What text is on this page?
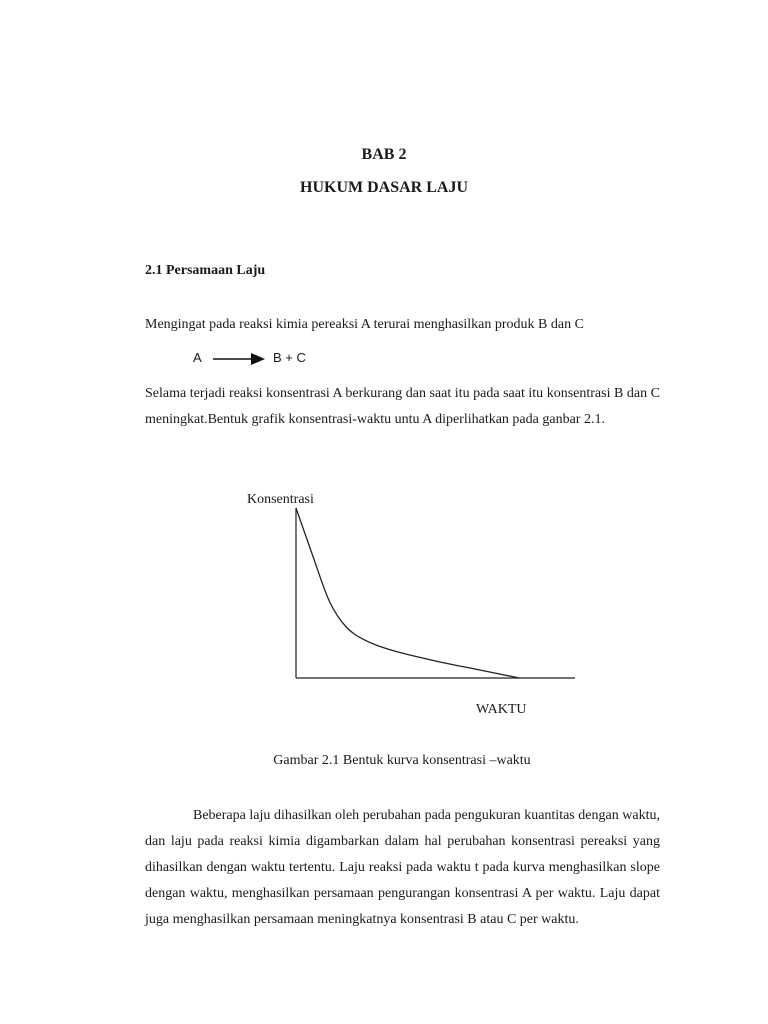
BAB 2
HUKUM DASAR LAJU
2.1 Persamaan Laju
Mengingat pada reaksi kimia pereaksi A terurai menghasilkan produk B dan C
A	B + C
Selama terjadi reaksi konsentrasi A berkurang dan saat itu pada saat itu konsentrasi B dan C meningkat.Bentuk grafik konsentrasi-waktu untu A diperlihatkan pada ganbar 2.1.
Konsentrasi
WAKTU
Gambar 2.1 Bentuk kurva konsentrasi –waktu
Beberapa laju dihasilkan oleh perubahan pada pengukuran kuantitas dengan waktu, dan laju pada reaksi kimia digambarkan dalam hal perubahan konsentrasi pereaksi yang dihasilkan dengan waktu tertentu. Laju reaksi pada waktu t pada kurva menghasilkan slope dengan waktu, menghasilkan persamaan pengurangan konsentrasi A per waktu. Laju dapat juga menghasilkan persamaan meningkatnya konsentrasi B atau C per waktu.
